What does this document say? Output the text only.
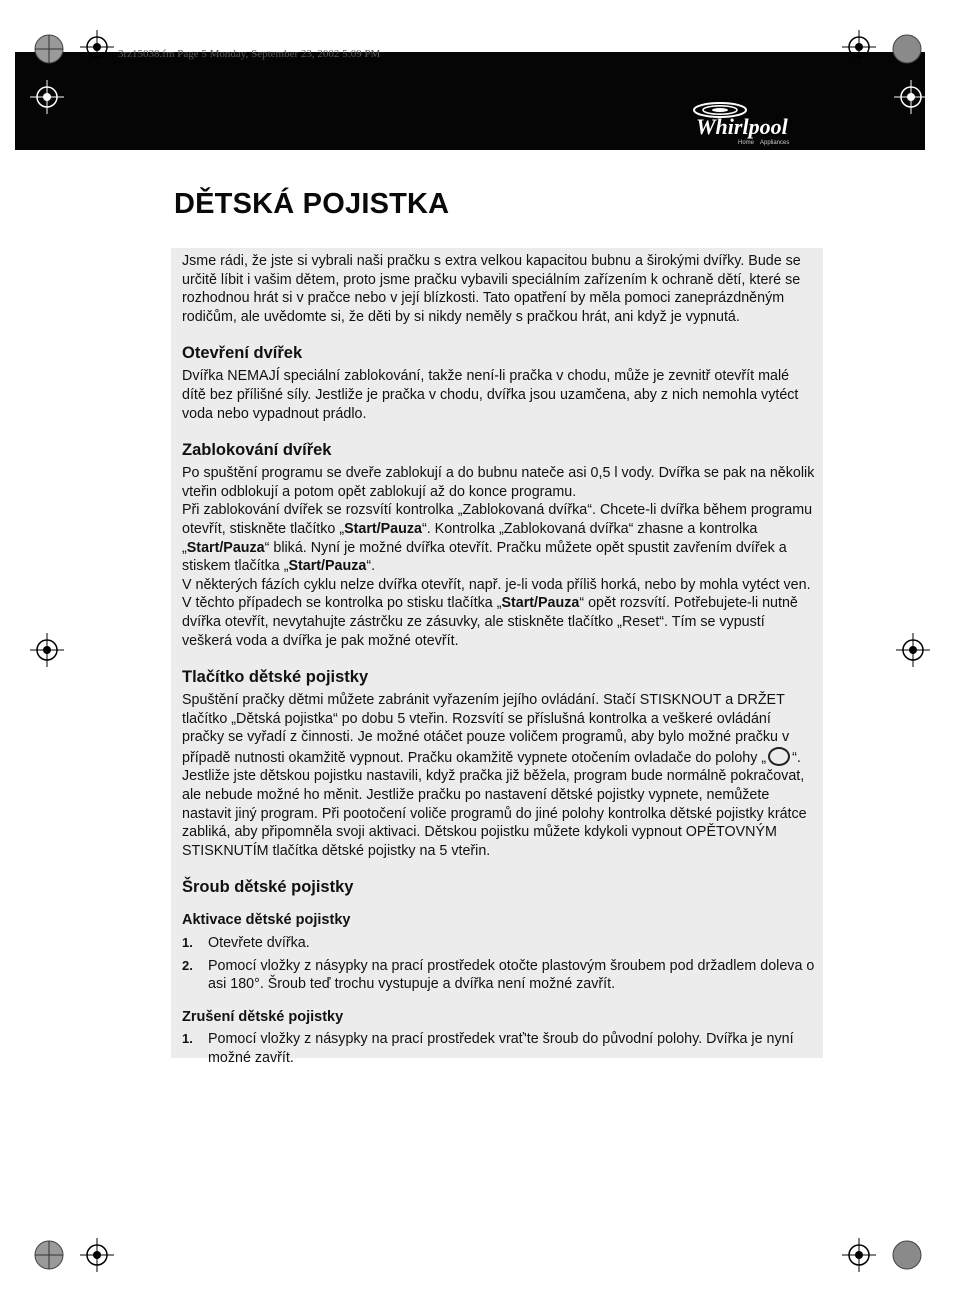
3rz15038.fm Page 5 Monday, September 23, 2002 5:09 PM
Whirlpool
Home Appliances
DĚTSKÁ POJISTKA

Jsme rádi, že jste si vybrali naši pračku s extra velkou kapacitou bubnu a širokými dvířky. Bude se určitě líbit i vašim dětem, proto jsme pračku vybavili speciálním zařízením k ochraně dětí, které se rozhodnou hrát si v pračce nebo v její blízkosti. Tato opatření by měla pomoci zaneprázdněným rodičům, ale uvědomte si, že děti by si nikdy neměly s pračkou hrát, ani když je vypnutá.

Otevření dvířek

Dvířka NEMAJÍ speciální zablokování, takže není-li pračka v chodu, může je zevnitř otevřít malé dítě bez přílišné síly. Jestliže je pračka v chodu, dvířka jsou uzamčena, aby z nich nemohla vytéct voda nebo vypadnout prádlo.

Zablokování dvířek

Po spuštění programu se dveře zablokují a do bubnu nateče asi 0,5 l vody. Dvířka se pak na několik vteřin odblokují a potom opět zablokují až do konce programu.

Při zablokování dvířek se rozsvítí kontrolka „Zablokovaná dvířka“. Chcete-li dvířka během programu otevřít, stiskněte tlačítko „Start/Pauza“. Kontrolka „Zablokovaná dvířka“ zhasne a kontrolka „Start/Pauza“ bliká. Nyní je možné dvířka otevřít. Pračku můžete opět spustit zavřením dvířek a stiskem tlačítka „Start/Pauza“.

V některých fázích cyklu nelze dvířka otevřít, např. je-li voda příliš horká, nebo by mohla vytéct ven. V těchto případech se kontrolka po stisku tlačítka „Start/Pauza“ opět rozsvítí. Potřebujete-li nutně dvířka otevřít, nevytahujte zástrčku ze zásuvky, ale stiskněte tlačítko „Reset“. Tím se vypustí veškerá voda a dvířka je pak možné otevřít.

Tlačítko dětské pojistky

Spuštění pračky dětmi můžete zabránit vyřazením jejího ovládání. Stačí STISKNOUT a DRŽET tlačítko „Dětská pojistka“ po dobu 5 vteřin. Rozsvítí se příslušná kontrolka a veškeré ovládání pračky se vyřadí z činnosti. Je možné otáčet pouze voličem programů, aby bylo možné pračku v případě nutnosti okamžitě vypnout. Pračku okamžitě vypnete otočením ovladače do polohy „ “. Jestliže jste dětskou pojistku nastavili, když pračka již běžela, program bude normálně pokračovat, ale nebude možné ho měnit. Jestliže pračku po nastavení dětské pojistky vypnete, nemůžete nastavit jiný program. Při pootočení voliče programů do jiné polohy kontrolka dětské pojistky krátce zabliká, aby připomněla svoji aktivaci. Dětskou pojistku můžete kdykoli vypnout OPĚTOVNÝM STISKNUTÍM tlačítka dětské pojistky na 5 vteřin.

Šroub dětské pojistky
Aktivace dětské pojistky
1. Otevřete dvířka.
2. Pomocí vložky z násypky na prací prostředek otočte plastovým šroubem pod držadlem doleva o asi 180°. Šroub teď trochu vystupuje a dvířka není možné zavřít.
Zrušení dětské pojistky
1. Pomocí vložky z násypky na prací prostředek vrať'te šroub do původní polohy. Dvířka je nyní možné zavřít.
